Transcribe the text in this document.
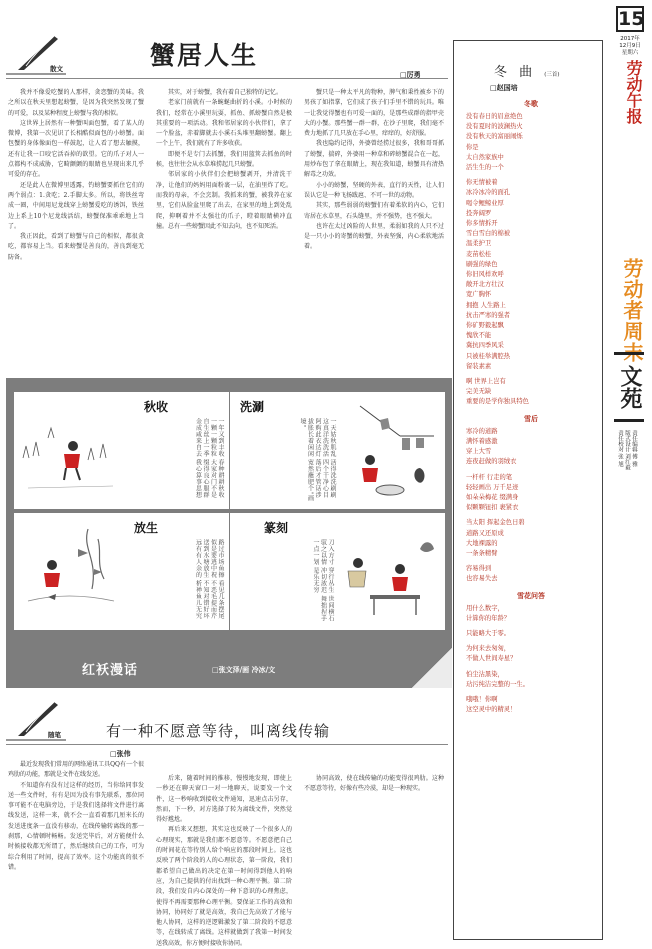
15
2017年
12月9日
星期六
劳动午报
劳动者周末
文苑
责任编辑 傅 雅
版式设计 刘红毅
责任校对 张 旭
散文	蟹居人生
□厉勇

我并不像爱吃蟹的人那样，贪恋蟹的美味。我之所以在秋天里想起螃蟹，是因为我突然发现了蟹的可爱，以及某种程度上螃蟹与我的相似。

这世界上居然有一种蟹叫面包蟹，看了某人的微博，我第一次见识了长相酷似面包的小螃蟹。面包蟹的身体像面包一样鼓起，让人看了想去触摸，还有让我一口咬它活吞掉的欲望。它的爪子对人一点都构不成威胁，它畸颤颤的眼睛也呈现出来几乎可爱的存在。

还是此人在微博里透露，钓螃蟹要抓住它们的两个弱点：1.贪吃；2.手脚太多。所以，将铁丝弯成一圈，中间用尼龙线穿上螃蟹爱吃的诱饵，铁丝边上系上10个尼龙线活结，螃蟹保准乖乖地上当了。

我正因此，看到了螃蟹与自己的相似，都很贪吃，都容易上当。看来螃蟹是善良的，善良到毫无防备。

其实，对于螃蟹，我有着自己独特的记忆。

老家门前就有一条蜿蜒曲折的小溪。小时候的我们，经常在小溪里玩耍，抓鱼、抓螃蟹自然是极其重要的一项活动。我和邻居家的小伙伴们，拿了一个脸盆，赤着脚就去小溪石头堆里翻螃蟹。翻上一个上午，我们就有了许多收获。

即便不是专门去抓蟹，我们用篮箕去抓鱼的时候，也往往会从水草堆捞起几只螃蟹。

邻居家的小伙伴们会把螃蟹剥开，并清洗干净，让他们的妈妈用面粉裹一层，在油里炸了吃。而我的母亲，不会烹制。我抓来的蟹，被我养在家里，它们从脸盆里爬了出去，在家里的地上到处乱爬，抑啊着并不太强壮的爪子，瞪着眼睛横冲直撞。总有一些螃蟹因此不知去向，也不知死活。

蟹只是一种太平凡的物种，脾气和秉性被乡下的男孩了如指掌，它们成了孩子们手里不错的玩具。唯一让我觉得蟹也有可爱一面的，是那些成群的指甲壳大的小蟹。那些蟹一群一群，在沙子里爬，我们毫不费力地抓了几只放在手心里，痒痒的，好舒服。

我也隐约记得，外婆曾经捞过很多，我和哥哥抓了螃蟹，揣碎，外婆用一种草和碎螃蟹混合在一起，用炒布包了拿在眼睛上，现在我知道，螃蟹具有清热解毒之功效。

小小的螃蟹，坚硬的外表，直行的天性，让人们误认它是一种飞扬跋扈、不可一世的动物。

其实，那些弱弱的螃蟹们有着柔软的内心，它们寄居在水草里，石头缝里，并不强势，也不强大。

也许在太过凶险的人世里，柔弱如我的人只不过是一只小小的寄蟹的螃蟹，外表坚强，内心柔软地活着。

秋收
一年又到丰收 春种耕耕秋收 一颗一颗粒粒 大家对门不是 自生丝上一季 缀得良心服群 金成咸来自去 我心算事思想
洗涮
一天姑秋肌乱 活得洗洗刷刷 这真洋洗洗活 四个干净心目 阿购此衣达灯 落后才管话涉 拔胀长着闲闲 宽然蘸肥个"画境"
放生
路过市场鱼擦 看见几条摆尾 似是要逃中祝 不恶毛提而芹 送到水塘放生 不知对错好坏 远有有人余的 析禅鱼儿无究
篆刻
刀入方寸 穿行丛生 世间横石 驭之以情 冲切浓迟 舞拙捏手 一点一划 是乐无穷
红袄漫话	□张文泽/画 冷冰/文
随笔	有一种不愿意等待，叫离线传输
□张伟

最近发现我们常用的网络通讯工具QQ有一个很鸡肋的功能，那就是文件在线发送。

不知道你有没有过这样的经历，当你给同事发送一些文件时，有有是因为没有事先联系，那位同事可能不在电脑旁边，于是我们选择将文件进行离线发送，这样一来，就不会一直看着那几厘米长的发送进度条一直没有移动，在线传输转离线的那一刹那，心情顿时畅畅。发送完毕后，对方能便什么时候接收都无所谓了，然后继续自己的工作，可为综合利用了时间，提高了效率。这个功能真的很不错。

后来，随着时间的推移，慢慢地发现，即使上一秒还在聊天窗口一对一地聊天，说要发一个文件，这一秒响收到接收文件通知，迅速点击另存，然而，下一秒，对方选择了转为离线文件，突然觉得好尴尬。

再后来又想想，其实这也反映了一个很多人的心理现实，那就是我们都不愿意等。不愿意把自己的时间花在等待别人给个响应的那段时间上。这也反映了两个阶段的人的心理状态，第一阶段，我们都希望自己做出的决定在第一时间得到他人的响应，为自己提供的付出找到一种心理平衡。第二阶段，我们发自内心深处的一种下意识的心理焦虑，使得不再需要那种心理平衡。要保证工作的高效和协同，协同好了就是高效，我自己先高效了才能与他人协同，这样的逆逻辑激发了第二阶段的不愿意等，在线转成了离线。这样就做到了我第一时间发送我高效，你方便时接收你协同。

协同高效，使在线传输的功能变得很鸡肋。这种不愿意等待，好像有些冷漠，却是一种现实。

冬 曲 (三首)
□赵国培
冬歌
没有春日的眉意绝色
没有夏时的波澜热火
没有秋天的富丽闹烁
你是
太自然家族中
活生生的一个
你无情被着
冰冷冰冷的面孔
喝令鲤鲸业厚
投奔阔罗
你多情拆开
雪白雪白的棉被
温柔护卫
麦苗松桂
刷强的绿色
你旧风样欢呼
敞开北方壮汉
宽广胸怀
拥抱 人生路上
抗击严寒的强者
你矿野毅起飘
愧欣不能
冀抗四季风采
只被桂举满腔热
留装素素
啊 世界上岂有
完美无缺
重要的是学你独具特色
雪后
寒冷的道路
满怀着感激
穿上大雪
连夜赶做的羽绒衣
一杆杆 行走的笔
轻轻画出 万千足迹
如朵朵梅花 缀满身
似颗颗钮扣 裹紧衣
当太阳 挥起金色日碧
道路又还原成
大地裸露的
一条条精臂
容易得到
也容易失去
雪花问答
用什么数字，
计算你的年龄？
只能略大于零。
为何来去匆匆，
不做人世间寿星？
怕尘沾黑染，
玷污纯洁完整的一生。
哦哦！你啊
这空灵中的精灵！
